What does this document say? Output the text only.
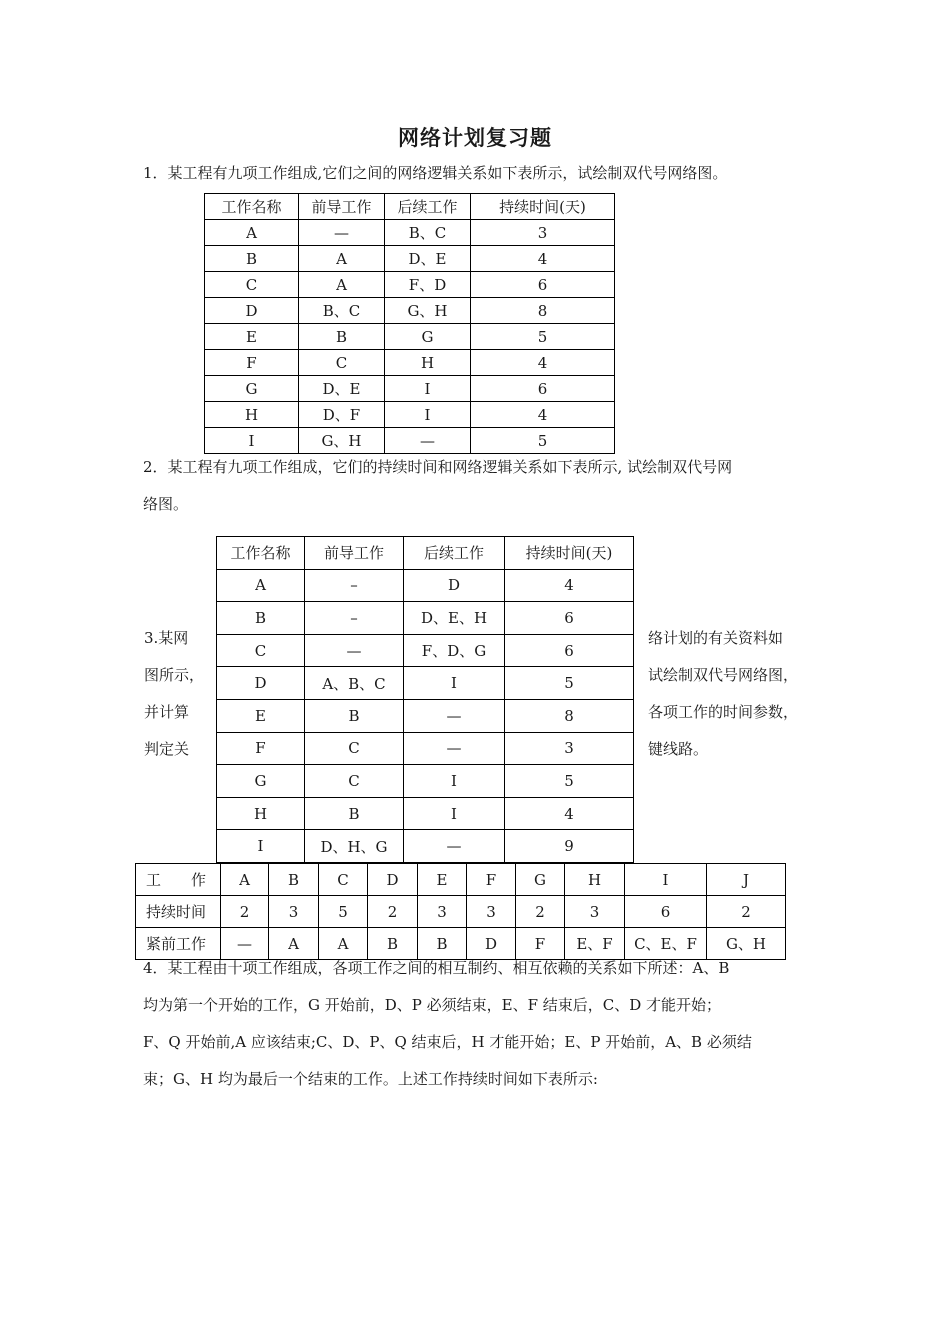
网络计划复习题
1．某工程有九项工作组成,它们之间的网络逻辑关系如下表所示，试绘制双代号网络图。
工作名称	前导工作	后续工作	持续时间(天)
A	—	B、C	3
B	A	D、E	4
C	A	F、D	6
D	B、C	G、H	8
E	B	G	5
F	C	H	4
G	D、E	I	6
H	D、F	I	4
I	G、H	—	5
2．某工程有九项工作组成，它们的持续时间和网络逻辑关系如下表所示, 试绘制双代号网
络图。
工作名称	前导工作	后续工作	持续时间(天)
A	–	D	4
B	–	D、E、H	6
C	—	F、D、G	6
D	A、B、C	I	5
E	B	—	8
F	C	—	3
G	C	I	5
H	B	I	4
I	D、H、G	—	9
3.某网
图所示，
并计算
判定关
络计划的有关资料如
试绘制双代号网络图，
各项工作的时间参数，
键线路。
工　　作	A	B	C	D	E	F	G	H	I	J
持续时间	2	3	5	2	3	3	2	3	6	2
紧前工作	—	A	A	B	B	D	F	E、F	C、E、F	G、H
4．某工程由十项工作组成，各项工作之间的相互制约、相互依赖的关系如下所述：A、B
均为第一个开始的工作，G 开始前，D、P 必须结束，E、F 结束后，C、D 才能开始；
F、Q 开始前,A 应该结束;C、D、P、Q 结束后，H 才能开始；E、P 开始前，A、B 必须结
束；G、H 均为最后一个结束的工作。上述工作持续时间如下表所示:
